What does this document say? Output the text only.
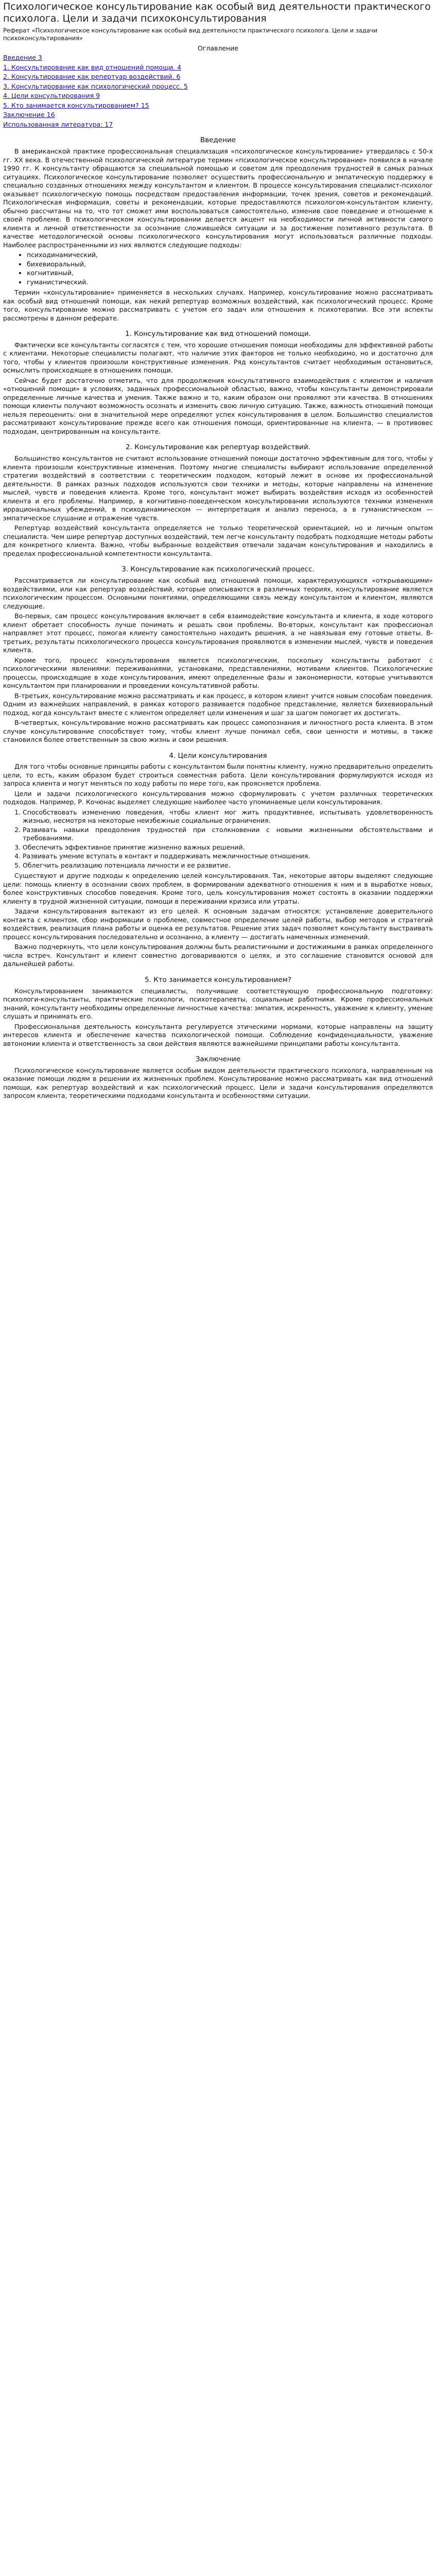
Психологическое консультирование как особый вид деятельности практического психолога. Цели и задачи психоконсультирования
Реферат «Психологическое консультирование как особый вид деятельности практического психолога. Цели и задачи психоконсультирования»
Оглавление
Введение 3
1. Консультирование как вид отношений помощи. 4
2. Консультирование как репертуар воздействий. 6
3. Консультирование как психологический процесс. 5
4. Цели консультирования 9
5. Кто занимается консультированием? 15
Заключение 16
Использованная литература: 17
Введение

В американской практике профессиональная специализация «психологическое консультирование» утвердилась с 50-х гг. XX века. В отечественной психологической литературе термин «психологическое консультирование» появился в начале 1990 гг. К консультанту обращаются за специальной помощью и советом для преодоления трудностей в самых разных ситуациях. Психологическое консультирование позволяет осуществить профессиональную и эмпатическую поддержку в специально созданных отношениях между консультантом и клиентом. В процессе консультирования специалист-психолог оказывает психологическую помощь посредством предоставления информации, точек зрения, советов и рекомендаций. Психологическая информация, советы и рекомендации, которые предоставляются психологом-консультантом клиенту, обычно рассчитаны на то, что тот сможет ими воспользоваться самостоятельно, изменив свое поведение и отношение к своей проблеме. В психологическом консультировании делается акцент на необходимости личной активности самого клиента и личной ответственности за осознание сложившейся ситуации и за достижение позитивного результата. В качестве методологической основы психологического консультирования могут использоваться различные подходы. Наиболее распространенными из них являются следующие подходы:

• психодинамический,
• бихевиоральный,
• когнитивный,
• гуманистический.

Термин «консультирование» применяется в нескольких случаях. Например, консультирование можно рассматривать как особый вид отношений помощи, как некий репертуар возможных воздействий, как психологический процесс. Кроме того, консультирование можно рассматривать с учетом его задач или отношения к психотерапии. Все эти аспекты рассмотрены в данном реферате.

1. Консультирование как вид отношений помощи.

Фактически все консультанты согласятся с тем, что хорошие отношения помощи необходимы для эффективной работы с клиентами. Некоторые специалисты полагают, что наличие этих факторов не только необходимо, но и достаточно для того, чтобы у клиентов произошли конструктивные изменения. Ряд консультантов считает необходимым остановиться, осмыслить происходящее в отношениях помощи.

Сейчас будет достаточно отметить, что для продолжения консультативного взаимодействия с клиентом и наличия «отношений помощи» в условиях, заданных профессиональной областью, важно, чтобы консультанты демонстрировали определенные личные качества и умения. Также важно и то, каким образом они проявляют эти качества. В отношениях помощи клиенты получают возможность осознать и изменить свою личную ситуацию. Также, важность отношений помощи нельзя переоценить: они в значительной мере определяют успех консультирования в целом. Большинство специалистов рассматривают консультирование прежде всего как отношения помощи, ориентированные на клиента, — в противовес подходам, центрированным на консультанте.

2. Консультирование как репертуар воздействий.

Большинство консультантов не считают использование отношений помощи достаточно эффективным для того, чтобы у клиента произошли конструктивные изменения. Поэтому многие специалисты выбирают использование определенной стратегии воздействий в соответствии с теоретическим подходом, который лежит в основе их профессиональной деятельности. В рамках разных подходов используются свои техники и методы, которые направлены на изменение мыслей, чувств и поведения клиента. Кроме того, консультант может выбирать воздействия исходя из особенностей клиента и его проблемы. Например, в когнитивно-поведенческом консультировании используются техники изменения иррациональных убеждений, в психодинамическом — интерпретация и анализ переноса, а в гуманистическом — эмпатическое слушание и отражение чувств.

Репертуар воздействий консультанта определяется не только теоретической ориентацией, но и личным опытом специалиста. Чем шире репертуар доступных воздействий, тем легче консультанту подобрать подходящие методы работы для конкретного клиента. Важно, чтобы выбранные воздействия отвечали задачам консультирования и находились в пределах профессиональной компетентности консультанта.

3. Консультирование как психологический процесс.

Рассматривается ли консультирование как особый вид отношений помощи, характеризующихся «открывающими» воздействиями, или как репертуар воздействий, которые описываются в различных теориях, консультирование является психологическим процессом. Основными понятиями, определяющими связь между консультантом и клиентом, являются следующие.

Во-первых, сам процесс консультирования включает в себя взаимодействие консультанта и клиента, в ходе которого клиент обретает способность лучше понимать и решать свои проблемы. Во-вторых, консультант как профессионал направляет этот процесс, помогая клиенту самостоятельно находить решения, а не навязывая ему готовые ответы. В-третьих, результаты психологического процесса консультирования проявляются в изменении мыслей, чувств и поведения клиента.

Кроме того, процесс консультирования является психологическим, поскольку консультанты работают с психологическими явлениями: переживаниями, установками, представлениями, мотивами клиентов. Психологические процессы, происходящие в ходе консультирования, имеют определенные фазы и закономерности, которые учитываются консультантом при планировании и проведении консультативной работы.

В-третьих, консультирование можно рассматривать и как процесс, в котором клиент учится новым способам поведения. Одним из важнейших направлений, в рамках которого развивается подобное представление, является бихевиоральный подход, когда консультант вместе с клиентом определяет цели изменения и шаг за шагом помогает их достигать.

В-четвертых, консультирование можно рассматривать как процесс самопознания и личностного роста клиента. В этом случае консультирование способствует тому, чтобы клиент лучше понимал себя, свои ценности и мотивы, а также становился более ответственным за свою жизнь и свои решения.

4. Цели консультирования

Для того чтобы основные принципы работы с консультантом были понятны клиенту, нужно предварительно определить цели, то есть, каким образом будет строиться совместная работа. Цели консультирования формулируются исходя из запроса клиента и могут меняться по ходу работы по мере того, как проясняется проблема.

Цели и задачи психологического консультирования можно сформулировать с учетом различных теоретических подходов. Например, Р. Кочюнас выделяет следующие наиболее часто упоминаемые цели консультирования.

1. Способствовать изменению поведения, чтобы клиент мог жить продуктивнее, испытывать удовлетворенность жизнью, несмотря на некоторые неизбежные социальные ограничения.
2. Развивать навыки преодоления трудностей при столкновении с новыми жизненными обстоятельствами и требованиями.
3. Обеспечить эффективное принятие жизненно важных решений.
4. Развивать умение вступать в контакт и поддерживать межличностные отношения.
5. Облегчить реализацию потенциала личности и ее развитие.

Существуют и другие подходы к определению целей консультирования. Так, некоторые авторы выделяют следующие цели: помощь клиенту в осознании своих проблем, в формировании адекватного отношения к ним и в выработке новых, более конструктивных способов поведения. Кроме того, цель консультирования может состоять в оказании поддержки клиенту в трудной жизненной ситуации, помощи в переживании кризиса или утраты.

Задачи консультирования вытекают из его целей. К основным задачам относятся: установление доверительного контакта с клиентом, сбор информации о проблеме, совместное определение целей работы, выбор методов и стратегий воздействия, реализация плана работы и оценка ее результатов. Решение этих задач позволяет консультанту выстраивать процесс консультирования последовательно и осознанно, а клиенту — достигать намеченных изменений.

Важно подчеркнуть, что цели консультирования должны быть реалистичными и достижимыми в рамках определенного числа встреч. Консультант и клиент совместно договариваются о целях, и это соглашение становится основой для дальнейшей работы.

5. Кто занимается консультированием?

Консультированием занимаются специалисты, получившие соответствующую профессиональную подготовку: психологи-консультанты, практические психологи, психотерапевты, социальные работники. Кроме профессиональных знаний, консультанту необходимы определенные личностные качества: эмпатия, искренность, уважение к клиенту, умение слушать и принимать его.

Профессиональная деятельность консультанта регулируется этическими нормами, которые направлены на защиту интересов клиента и обеспечение качества психологической помощи. Соблюдение конфиденциальности, уважение автономии клиента и ответственность за свои действия являются важнейшими принципами работы консультанта.

Заключение

Психологическое консультирование является особым видом деятельности практического психолога, направленным на оказание помощи людям в решении их жизненных проблем. Консультирование можно рассматривать как вид отношений помощи, как репертуар воздействий и как психологический процесс. Цели и задачи консультирования определяются запросом клиента, теоретическими подходами консультанта и особенностями ситуации.
